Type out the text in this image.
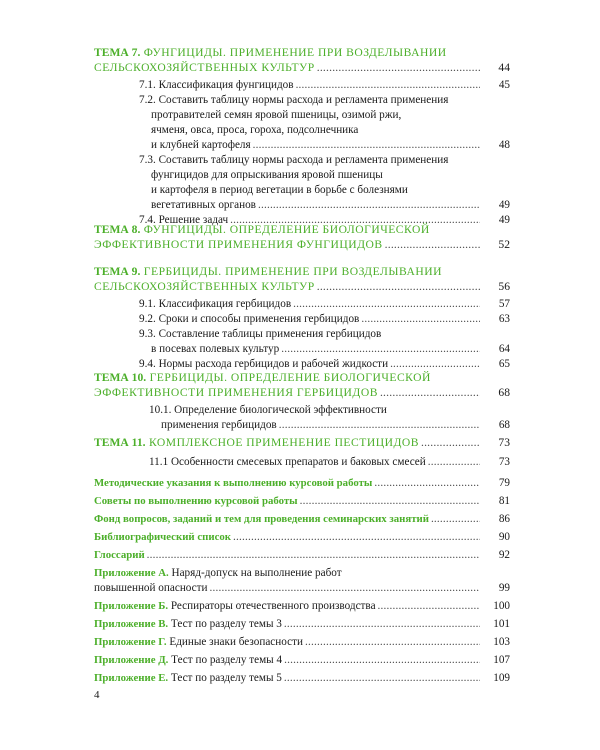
ТЕМА 7. ФУНГИЦИДЫ. ПРИМЕНЕНИЕ ПРИ ВОЗДЕЛЫВАНИИ
СЕЛЬСКОХОЗЯЙСТВЕННЫХ КУЛЬТУР .....	44
7.1. Классификация фунгицидов .....	45
7.2. Составить таблицу нормы расхода и регламента применения
протравителей семян яровой пшеницы, озимой ржи,
ячменя, овса, проса, гороха, подсолнечника
и клубней картофеля .....	48
7.3. Составить таблицу нормы расхода и регламента применения
фунгицидов для опрыскивания яровой пшеницы
и картофеля в период вегетации в борьбе с болезнями
вегетативных органов .....	49
7.4. Решение задач .....	49
ТЕМА 8. ФУНГИЦИДЫ. ОПРЕДЕЛЕНИЕ БИОЛОГИЧЕСКОЙ
ЭФФЕКТИВНОСТИ ПРИМЕНЕНИЯ ФУНГИЦИДОВ .....	52
ТЕМА 9. ГЕРБИЦИДЫ. ПРИМЕНЕНИЕ ПРИ ВОЗДЕЛЫВАНИИ
СЕЛЬСКОХОЗЯЙСТВЕННЫХ КУЛЬТУР .....	56
9.1. Классификация гербицидов .....	57
9.2. Сроки и способы применения гербицидов .....	63
9.3. Составление таблицы применения гербицидов
в посевах полевых культур .....	64
9.4. Нормы расхода гербицидов и рабочей жидкости .....	65
ТЕМА 10. ГЕРБИЦИДЫ. ОПРЕДЕЛЕНИЕ БИОЛОГИЧЕСКОЙ
ЭФФЕКТИВНОСТИ ПРИМЕНЕНИЯ ГЕРБИЦИДОВ .....	68
10.1. Определение биологической эффективности
применения гербицидов .....	68
ТЕМА 11. КОМПЛЕКСНОЕ ПРИМЕНЕНИЕ ПЕСТИЦИДОВ .....	73
11.1 Особенности смесевых препаратов и баковых смесей .....	73
Методические указания к выполнению курсовой работы .....	79
Советы по выполнению курсовой работы .....	81
Фонд вопросов, заданий и тем для проведения семинарских занятий .....	86
Библиографический список .....	90
Глоссарий .....	92
Приложение А. Наряд-допуск на выполнение работ
повышенной опасности .....	99
Приложение Б. Респираторы отечественного производства .....	100
Приложение В. Тест по разделу темы 3 .....	101
Приложение Г. Единые знаки безопасности .....	103
Приложение Д. Тест по разделу темы 4 .....	107
Приложение Е. Тест по разделу темы 5 .....	109
4
